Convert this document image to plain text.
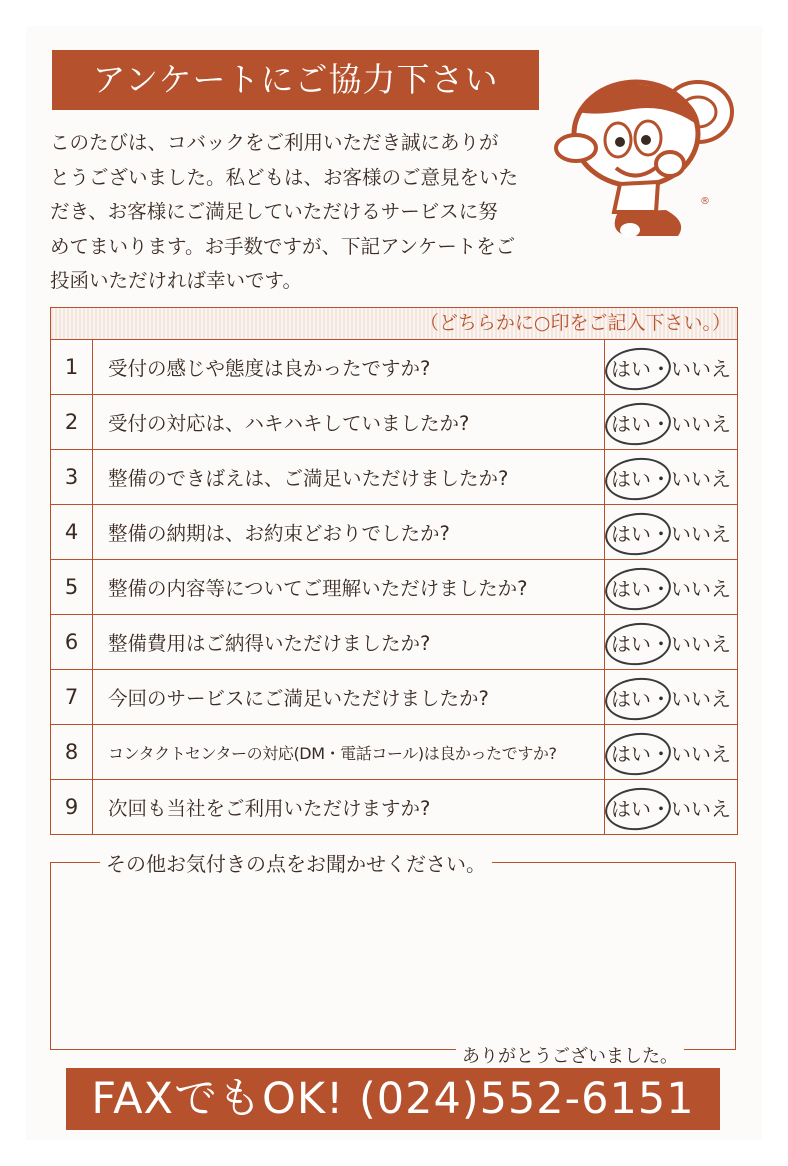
アンケートにご協力下さい
このたびは、コバックをご利用いただき誠にありが
とうございました。私どもは、お客様のご意見をいた
だき、お客様にご満足していただけるサービスに努
めてまいります。お手数ですが、下記アンケートをご
投函いただければ幸いです。
®
（どちらかに○印をご記入下さい。）
1	受付の感じや態度は良かったですか?	はい ・ いいえ
2	受付の対応は、ハキハキしていましたか?	はい ・ いいえ
3	整備のできばえは、ご満足いただけましたか?	はい ・ いいえ
4	整備の納期は、お約束どおりでしたか?	はい ・ いいえ
5	整備の内容等についてご理解いただけましたか?	はい ・ いいえ
6	整備費用はご納得いただけましたか?	はい ・ いいえ
7	今回のサービスにご満足いただけましたか?	はい ・ いいえ
8	コンタクトセンターの対応(DM・電話コール)は良かったですか?	はい ・ いいえ
9	次回も当社をご利用いただけますか?	はい ・ いいえ
その他お気付きの点をお聞かせください。
ありがとうございました。
FAXでもOK! (024)552-6151
